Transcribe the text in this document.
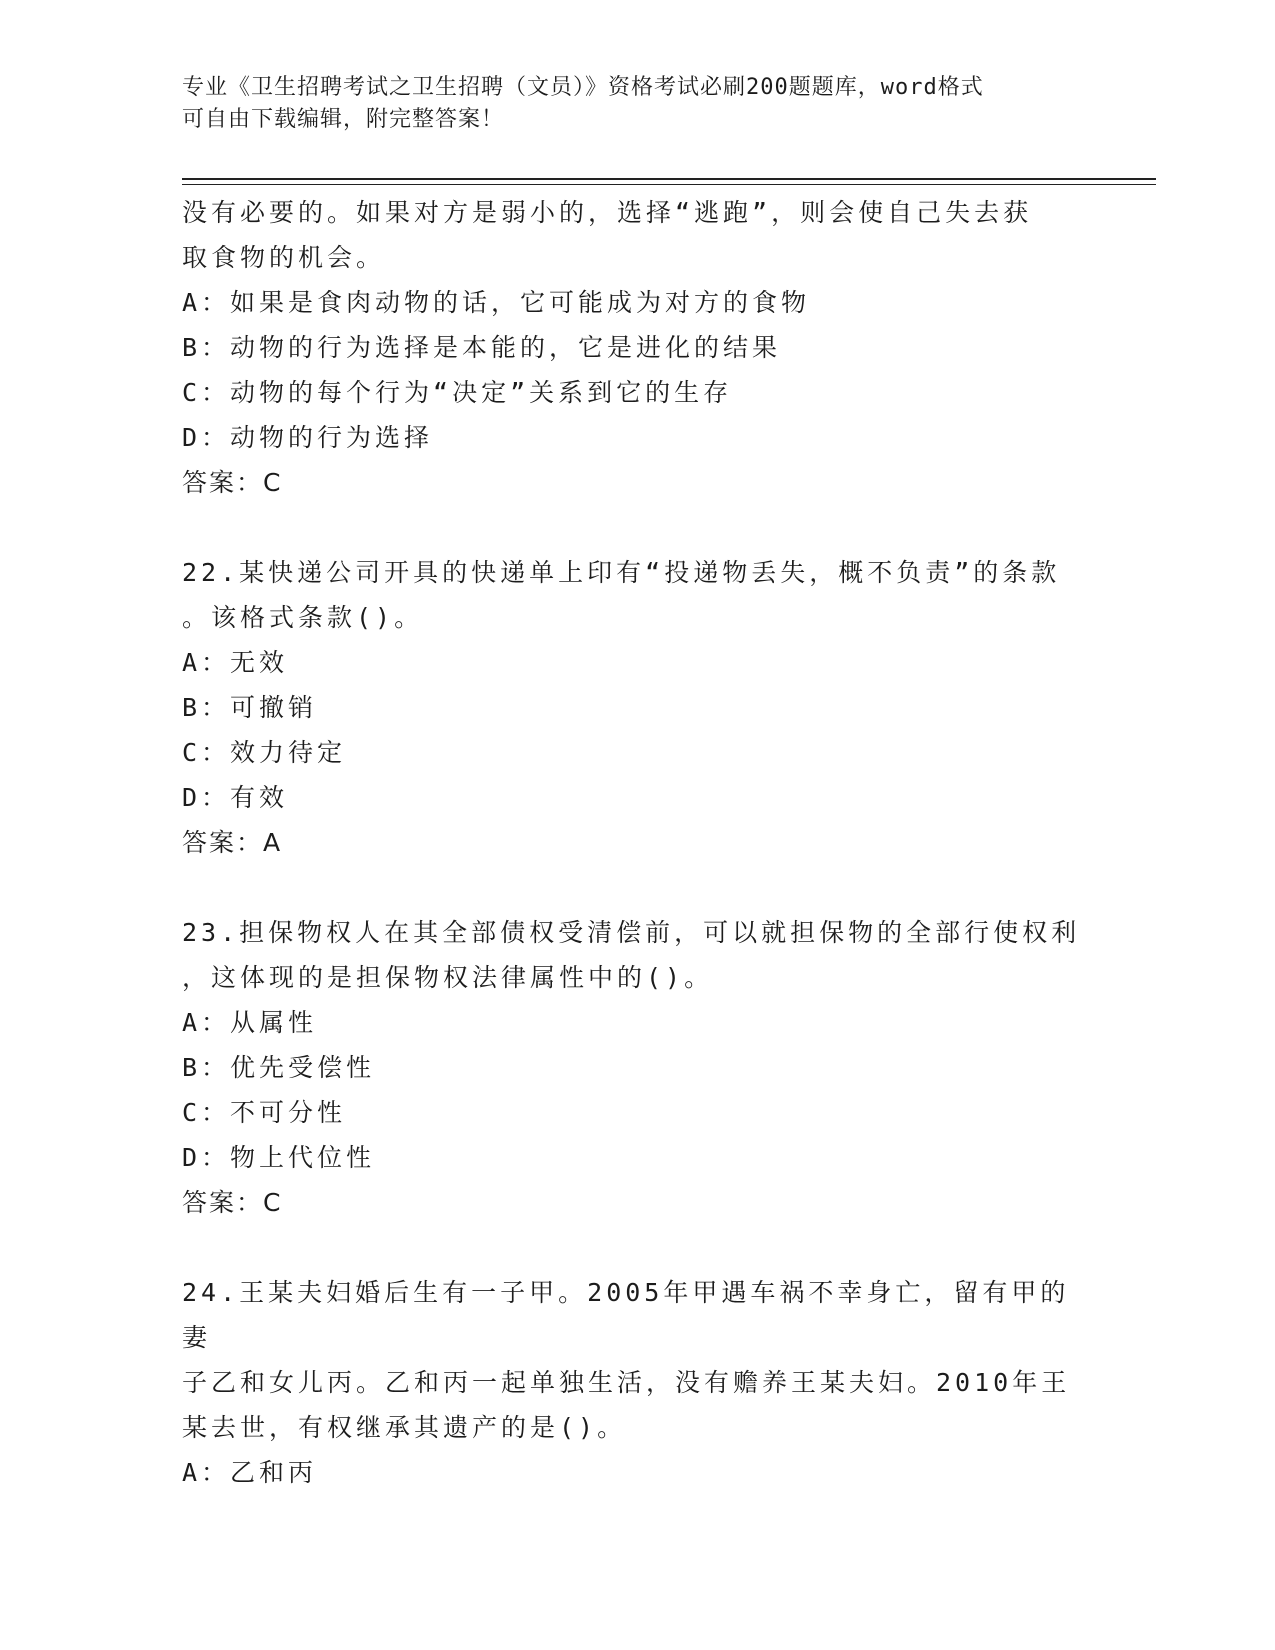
专业《卫生招聘考试之卫生招聘（文员）》资格考试必刷200题题库，word格式
可自由下载编辑，附完整答案！

没有必要的。如果对方是弱小的，选择“逃跑”，则会使自己失去获

取食物的机会。

A：如果是食肉动物的话，它可能成为对方的食物

B：动物的行为选择是本能的，它是进化的结果

C：动物的每个行为“决定”关系到它的生存

D：动物的行为选择

答案：C

22.某快递公司开具的快递单上印有“投递物丢失，概不负责”的条款

。该格式条款()。

A：无效

B：可撤销

C：效力待定

D：有效

答案：A

23.担保物权人在其全部债权受清偿前，可以就担保物的全部行使权利

，这体现的是担保物权法律属性中的()。

A：从属性

B：优先受偿性

C：不可分性

D：物上代位性

答案：C

24.王某夫妇婚后生有一子甲。2005年甲遇车祸不幸身亡，留有甲的妻

子乙和女儿丙。乙和丙一起单独生活，没有赡养王某夫妇。2010年王

某去世，有权继承其遗产的是()。

A：乙和丙
